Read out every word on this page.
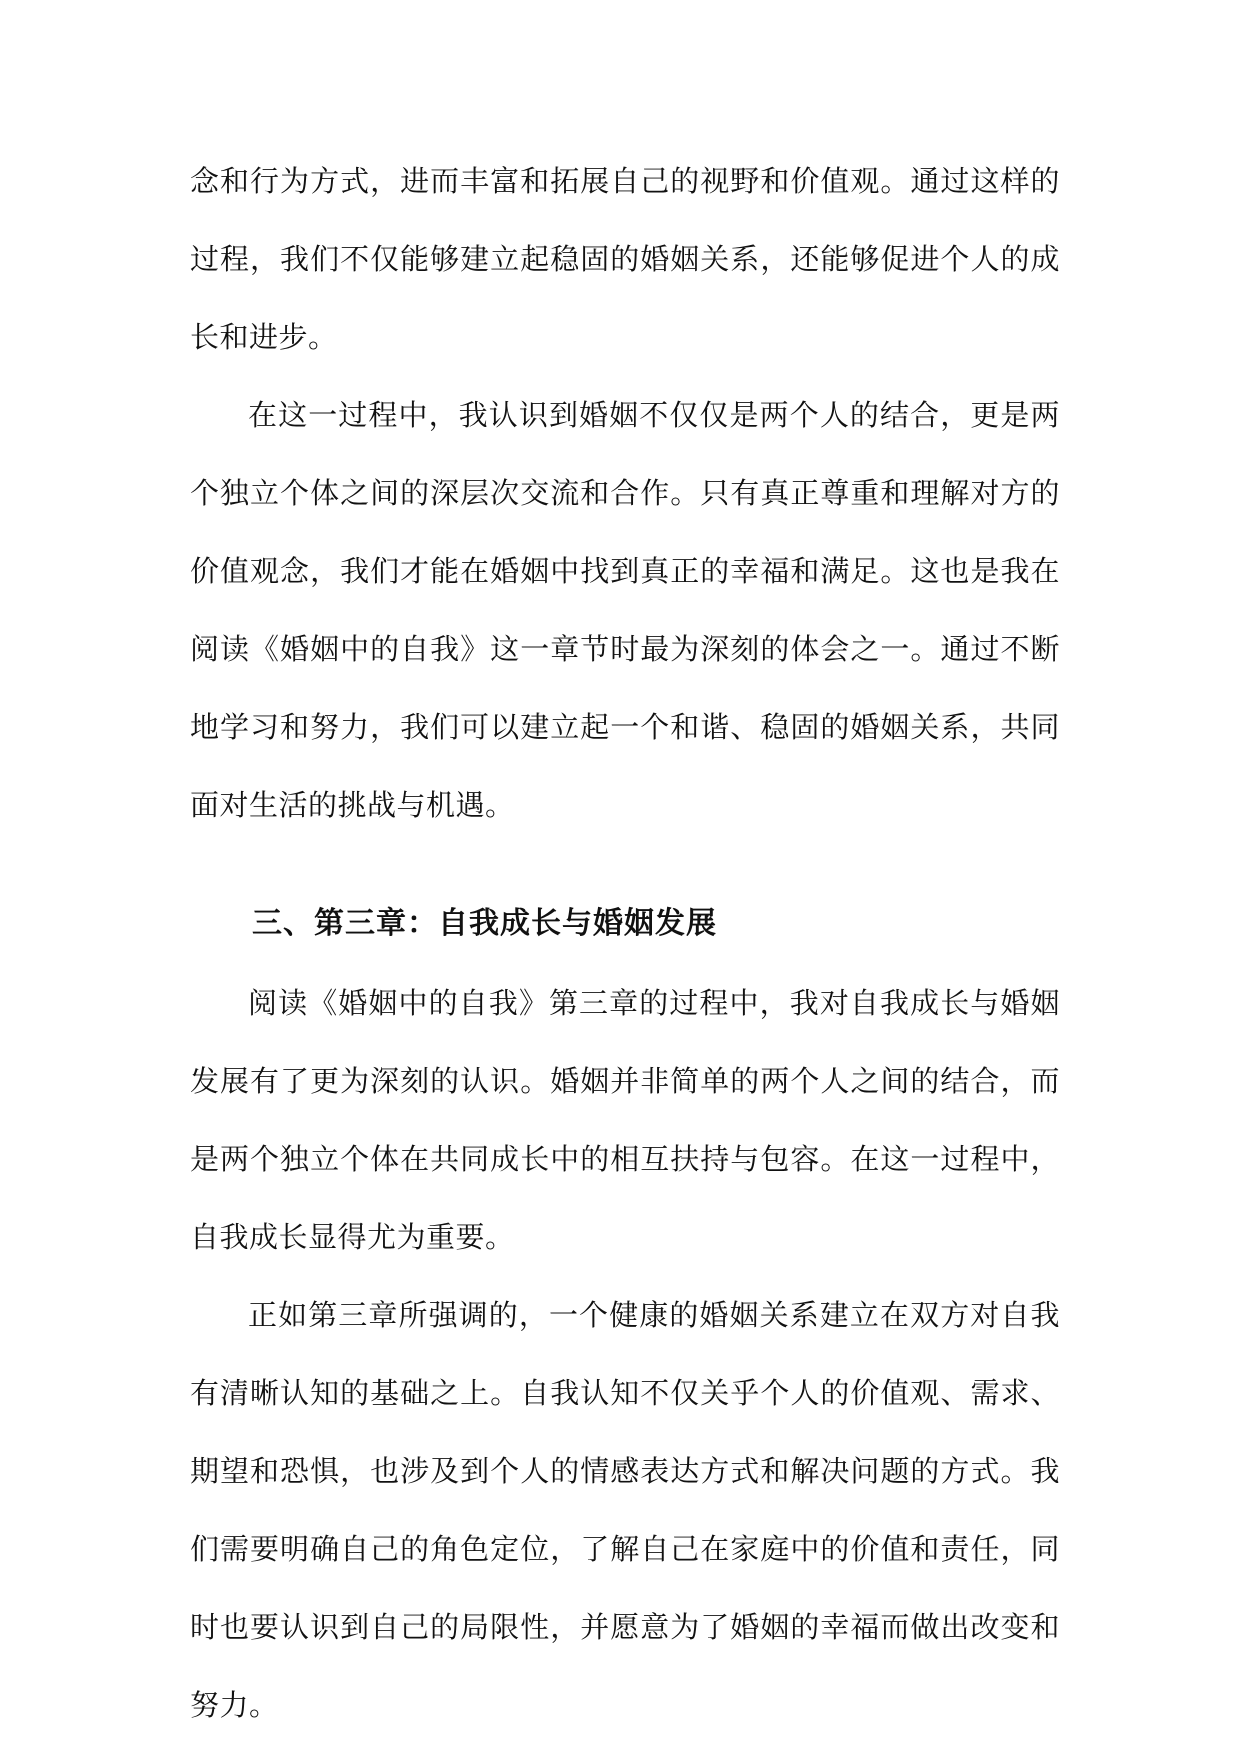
念和行为方式，进而丰富和拓展自己的视野和价值观。通过这样的过程，我们不仅能够建立起稳固的婚姻关系，还能够促进个人的成长和进步。

在这一过程中，我认识到婚姻不仅仅是两个人的结合，更是两个独立个体之间的深层次交流和合作。只有真正尊重和理解对方的价值观念，我们才能在婚姻中找到真正的幸福和满足。这也是我在阅读《婚姻中的自我》这一章节时最为深刻的体会之一。通过不断地学习和努力，我们可以建立起一个和谐、稳固的婚姻关系，共同面对生活的挑战与机遇。

三、第三章：自我成长与婚姻发展

阅读《婚姻中的自我》第三章的过程中，我对自我成长与婚姻发展有了更为深刻的认识。婚姻并非简单的两个人之间的结合，而是两个独立个体在共同成长中的相互扶持与包容。在这一过程中，自我成长显得尤为重要。

正如第三章所强调的，一个健康的婚姻关系建立在双方对自我有清晰认知的基础之上。自我认知不仅关乎个人的价值观、需求、期望和恐惧，也涉及到个人的情感表达方式和解决问题的方式。我们需要明确自己的角色定位，了解自己在家庭中的价值和责任，同时也要认识到自己的局限性，并愿意为了婚姻的幸福而做出改变和努力。
